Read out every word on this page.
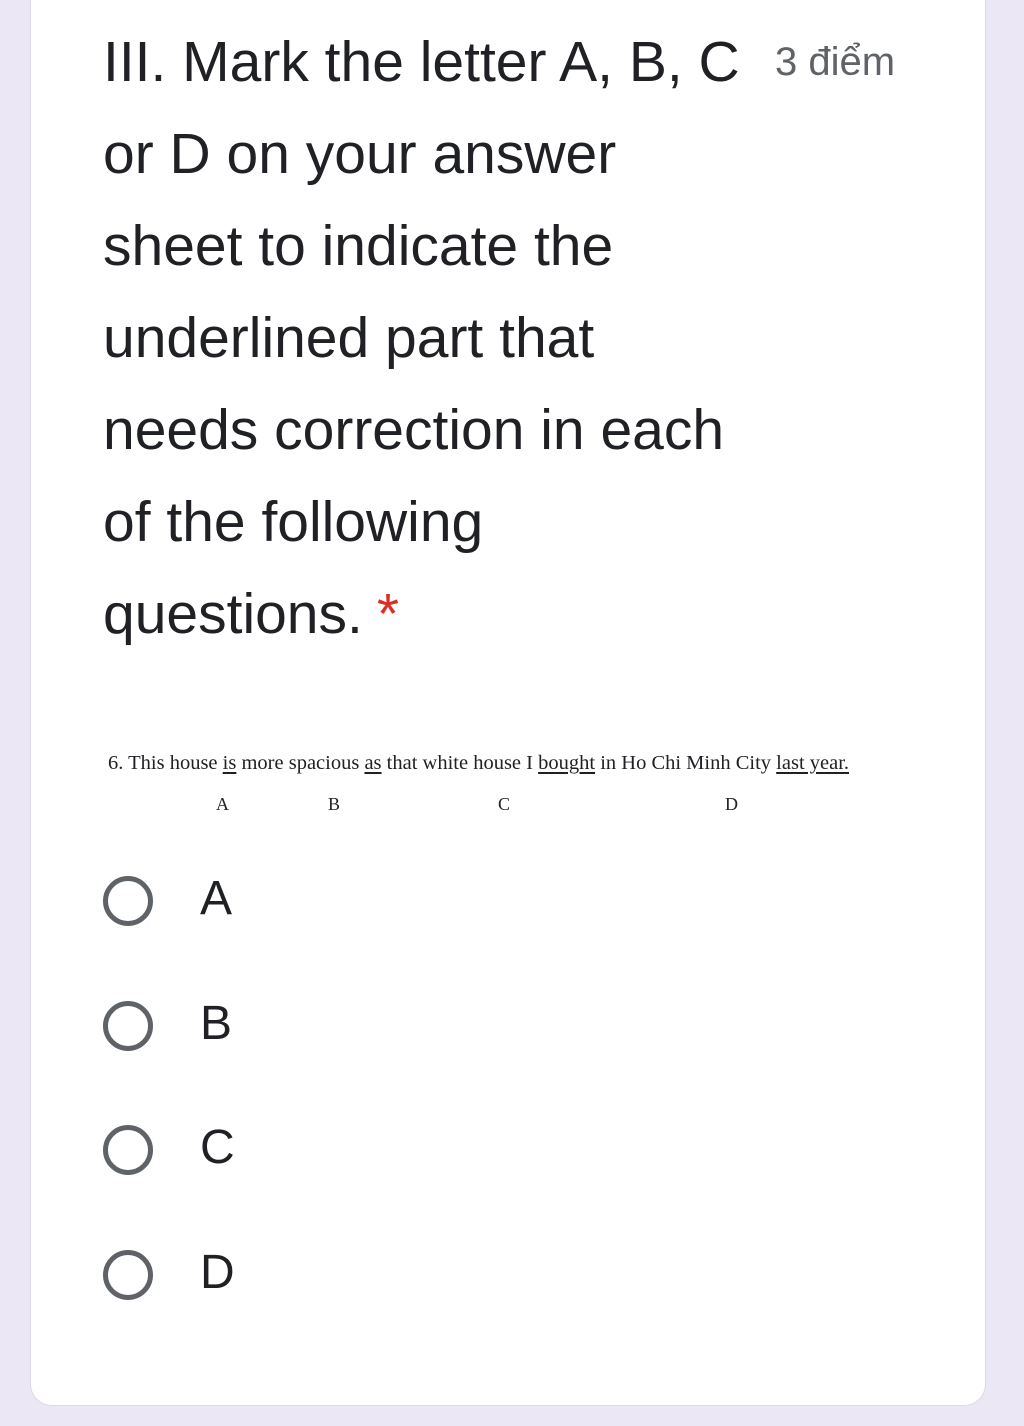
III. Mark the letter A, B, C or D on your answer sheet to indicate the underlined part that needs correction in each of the following questions. *
3 điểm
6. This house is more spacious as that white house I bought in Ho Chi Minh City last year.
A	B	C	D
A
B
C
D
